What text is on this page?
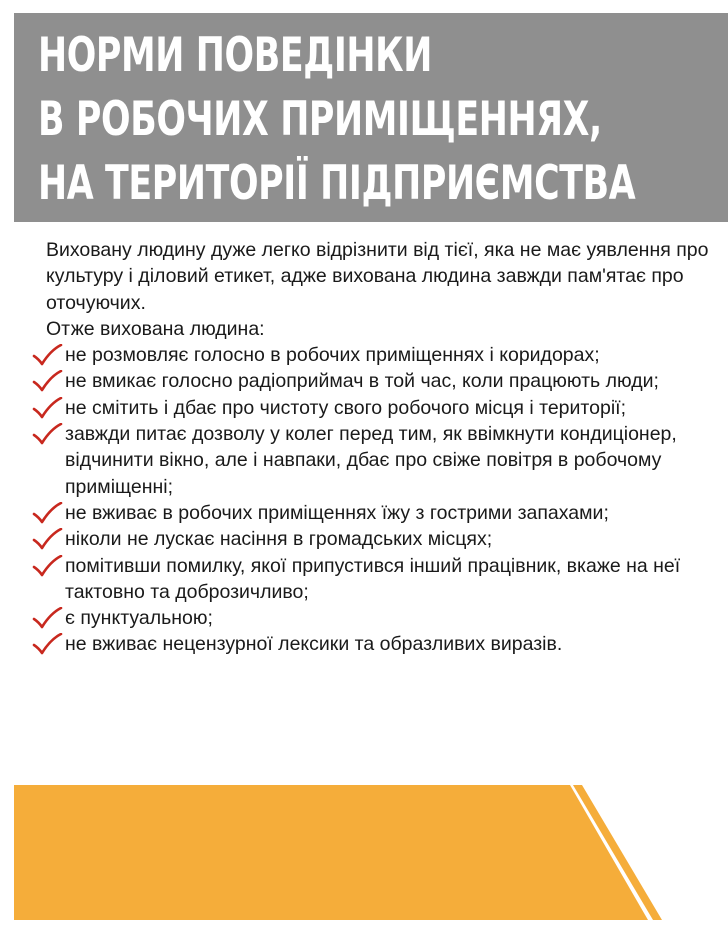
НОРМИ ПОВЕДІНКИ
В РОБОЧИХ ПРИМІЩЕННЯХ,
НА ТЕРИТОРІЇ ПІДПРИЄМСТВА

Виховану людину дуже легко відрізнити від тієї, яка не має уявлення про культуру і діловий етикет, адже вихована людина завжди пам'ятає про оточуючих.

Отже вихована людина:

не розмовляє голосно в робочих приміщеннях і коридорах;
не вмикає голосно радіоприймач в той час, коли працюють люди;
не смітить і дбає про чистоту свого робочого місця і території;
завжди питає дозволу у колег перед тим, як ввімкнути кондиціонер, відчинити вікно, але і навпаки, дбає про свіже повітря в робочому приміщенні;
не вживає в робочих приміщеннях їжу з гострими запахами;
ніколи не лускає насіння в громадських місцях;
помітивши помилку, якої припустився інший працівник, вкаже на неї тактовно та доброзичливо;
є пунктуальною;
не вживає нецензурної лексики та образливих виразів.
